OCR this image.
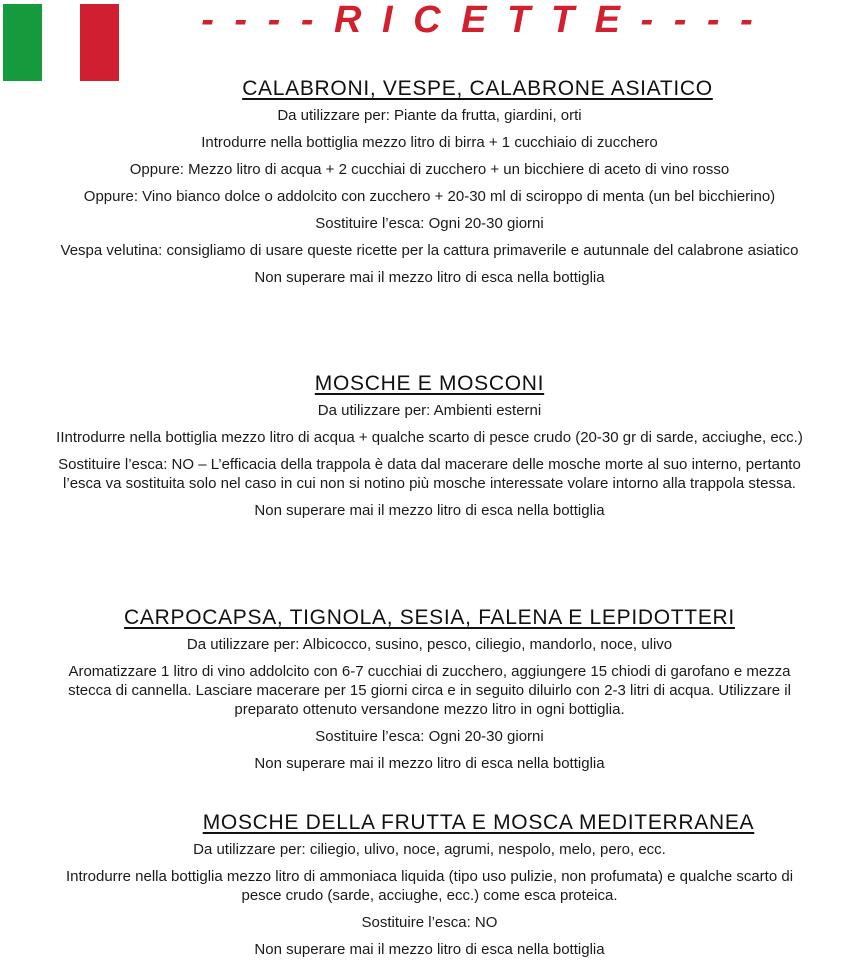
- - - - R I C E T T E - - - -
CALABRONI, VESPE, CALABRONE ASIATICO

Da utilizzare per: Piante da frutta, giardini, orti

Introdurre nella bottiglia mezzo litro di birra + 1 cucchiaio di zucchero

Oppure: Mezzo litro di acqua + 2 cucchiai di zucchero + un bicchiere di aceto di vino rosso

Oppure: Vino bianco dolce o addolcito con zucchero + 20-30 ml di sciroppo di menta (un bel bicchierino)

Sostituire l’esca: Ogni 20-30 giorni

Vespa velutina: consigliamo di usare queste ricette per la cattura primaverile e autunnale del calabrone asiatico

Non superare mai il mezzo litro di esca nella bottiglia

MOSCHE E MOSCONI

Da utilizzare per: Ambienti esterni

IIntrodurre nella bottiglia mezzo litro di acqua + qualche scarto di pesce crudo (20-30 gr di sarde, acciughe, ecc.)

Sostituire l’esca: NO – L’efficacia della trappola è data dal macerare delle mosche morte al suo interno, pertanto l’esca va sostituita solo nel caso in cui non si notino più mosche interessate volare intorno alla trappola stessa.

Non superare mai il mezzo litro di esca nella bottiglia

CARPOCAPSA, TIGNOLA, SESIA, FALENA E LEPIDOTTERI

Da utilizzare per: Albicocco, susino, pesco, ciliegio, mandorlo, noce, ulivo

Aromatizzare 1 litro di vino addolcito con 6-7 cucchiai di zucchero, aggiungere 15 chiodi di garofano e mezza stecca di cannella. Lasciare macerare per 15 giorni circa e in seguito diluirlo con 2-3 litri di acqua. Utilizzare il preparato ottenuto versandone mezzo litro in ogni bottiglia.

Sostituire l’esca: Ogni 20-30 giorni

Non superare mai il mezzo litro di esca nella bottiglia

MOSCHE DELLA FRUTTA E MOSCA MEDITERRANEA

Da utilizzare per: ciliegio, ulivo, noce, agrumi, nespolo, melo, pero, ecc.

Introdurre nella bottiglia mezzo litro di ammoniaca liquida (tipo uso pulizie, non profumata) e qualche scarto di pesce crudo (sarde, acciughe, ecc.) come esca proteica.

Sostituire l’esca: NO

Non superare mai il mezzo litro di esca nella bottiglia
